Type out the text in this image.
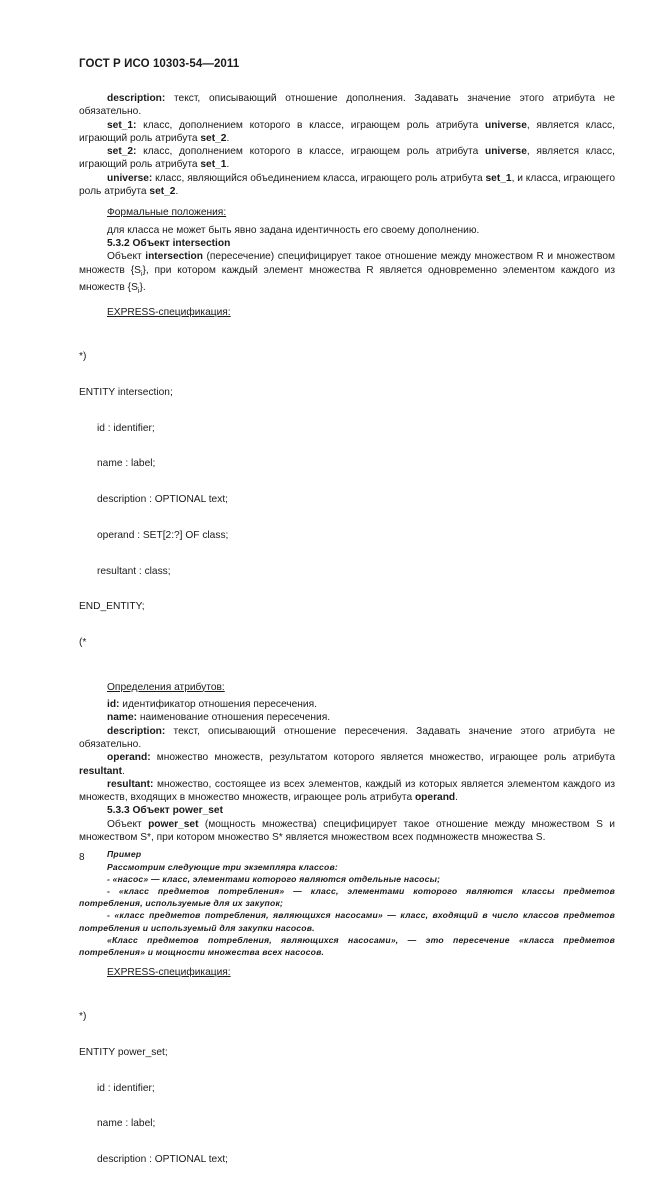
ГОСТ Р ИСО 10303-54—2011

description: текст, описывающий отношение дополнения. Задавать значение этого атрибута не обязательно.

set_1: класс, дополнением которого в классе, играющем роль атрибута universe, является класс, играющий роль атрибута set_2.

set_2: класс, дополнением которого в классе, играющем роль атрибута universe, является класс, играющий роль атрибута set_1.

universe: класс, являющийся объединением класса, играющего роль атрибута set_1, и класса, играющего роль атрибута set_2.

Формальные положения:

для класса не может быть явно задана идентичность его своему дополнению.

5.3.2 Объект intersection

Объект intersection (пересечение) специфицирует такое отношение между множеством R и множеством множеств $\{S_i\}$, при котором каждый элемент множества R является одновременно элементом каждого из множеств $\{S_i\}$.

EXPRESS-спецификация:

*)

ENTITY intersection;

id : identifier;

name : label;

description : OPTIONAL text;

operand : SET[2:?] OF class;

resultant : class;

END_ENTITY;

(*

Определения атрибутов:

id: идентификатор отношения пересечения.

name: наименование отношения пересечения.

description: текст, описывающий отношение пересечения. Задавать значение этого атрибута не обязательно.

operand: множество множеств, результатом которого является множество, играющее роль атрибута resultant.

resultant: множество, состоящее из всех элементов, каждый из которых является элементом каждого из множеств, входящих в множество множеств, играющее роль атрибута operand.

5.3.3 Объект power_set

Объект power_set (мощность множества) специфицирует такое отношение между множеством S и множеством S*, при котором множество S* является множеством всех подмножеств множества S.

Пример

Рассмотрим следующие три экземпляра классов:

- «насос» — класс, элементами которого являются отдельные насосы;

- «класс предметов потребления» — класс, элементами которого являются классы предметов потребления, используемые для их закупок;

- «класс предметов потребления, являющихся насосами» — класс, входящий в число классов предметов потребления и используемый для закупки насосов.

«Класс предметов потребления, являющихся насосами», — это пересечение «класса предметов потребления» и мощности множества всех насосов.

EXPRESS-спецификация:

*)

ENTITY power_set;

id : identifier;

name : label;

description : OPTIONAL text;

8
